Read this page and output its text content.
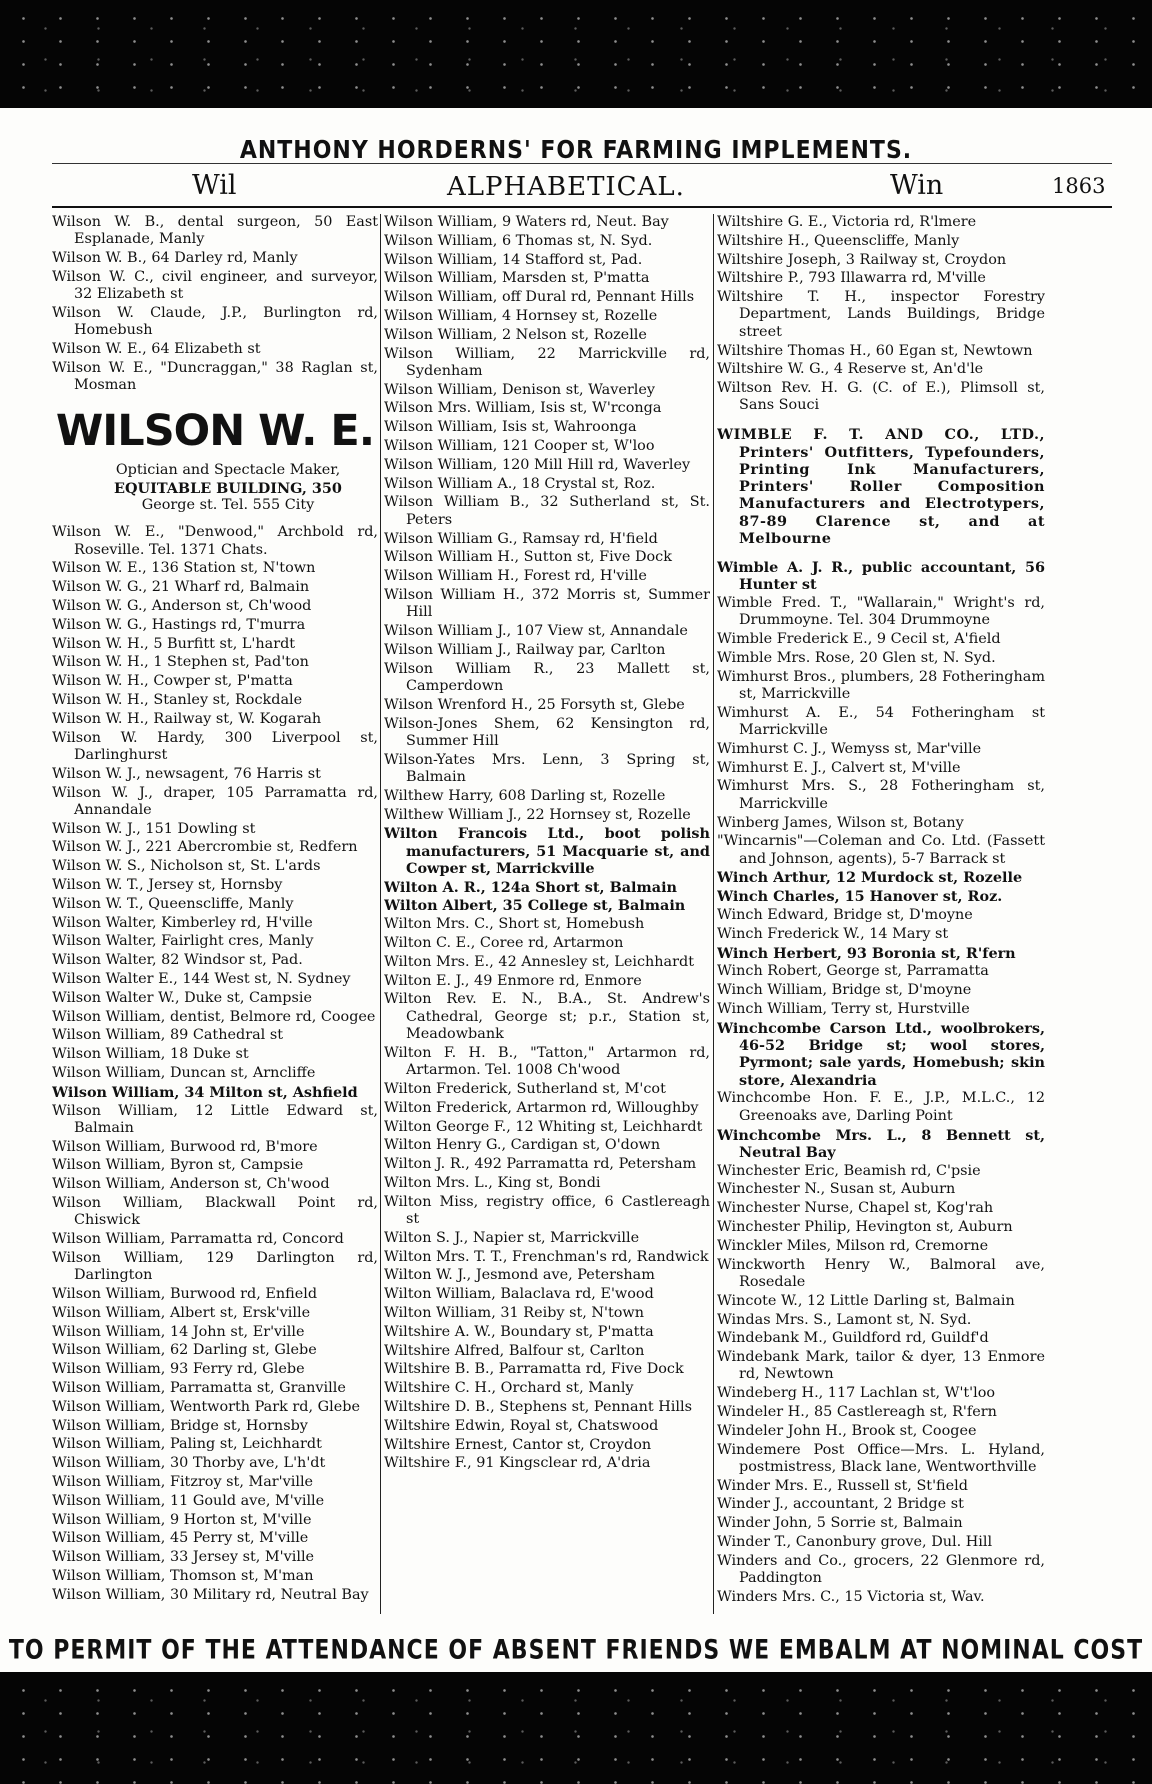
ANTHONY HORDERNS' FOR FARMING IMPLEMENTS.
Wil	ALPHABETICAL.	Win	1863

Wilson W. B., dental surgeon, 50 East Esplanade, Manly

Wilson W. B., 64 Darley rd, Manly

Wilson W. C., civil engineer, and surveyor, 32 Elizabeth st

Wilson W. Claude, J.P., Burlington rd, Homebush

Wilson W. E., 64 Elizabeth st

Wilson W. E., "Duncraggan," 38 Raglan st, Mosman

WILSON W. E.

Optician and Spectacle Maker,

EQUITABLE BUILDING, 350

George st. Tel. 555 City

Wilson W. E., "Denwood," Archbold rd, Roseville. Tel. 1371 Chats.

Wilson W. E., 136 Station st, N'town

Wilson W. G., 21 Wharf rd, Balmain

Wilson W. G., Anderson st, Ch'wood

Wilson W. G., Hastings rd, T'murra

Wilson W. H., 5 Burfitt st, L'hardt

Wilson W. H., 1 Stephen st, Pad'ton

Wilson W. H., Cowper st, P'matta

Wilson W. H., Stanley st, Rockdale

Wilson W. H., Railway st, W. Kogarah

Wilson W. Hardy, 300 Liverpool st, Darlinghurst

Wilson W. J., newsagent, 76 Harris st

Wilson W. J., draper, 105 Parramatta rd, Annandale

Wilson W. J., 151 Dowling st

Wilson W. J., 221 Abercrombie st, Redfern

Wilson W. S., Nicholson st, St. L'ards

Wilson W. T., Jersey st, Hornsby

Wilson W. T., Queenscliffe, Manly

Wilson Walter, Kimberley rd, H'ville

Wilson Walter, Fairlight cres, Manly

Wilson Walter, 82 Windsor st, Pad.

Wilson Walter E., 144 West st, N. Sydney

Wilson Walter W., Duke st, Campsie

Wilson William, dentist, Belmore rd, Coogee

Wilson William, 89 Cathedral st

Wilson William, 18 Duke st

Wilson William, Duncan st, Arncliffe

Wilson William, 34 Milton st, Ashfield

Wilson William, 12 Little Edward st, Balmain

Wilson William, Burwood rd, B'more

Wilson William, Byron st, Campsie

Wilson William, Anderson st, Ch'wood

Wilson William, Blackwall Point rd, Chiswick

Wilson William, Parramatta rd, Concord

Wilson William, 129 Darlington rd, Darlington

Wilson William, Burwood rd, Enfield

Wilson William, Albert st, Ersk'ville

Wilson William, 14 John st, Er'ville

Wilson William, 62 Darling st, Glebe

Wilson William, 93 Ferry rd, Glebe

Wilson William, Parramatta st, Granville

Wilson William, Wentworth Park rd, Glebe

Wilson William, Bridge st, Hornsby

Wilson William, Paling st, Leichhardt

Wilson William, 30 Thorby ave, L'h'dt

Wilson William, Fitzroy st, Mar'ville

Wilson William, 11 Gould ave, M'ville

Wilson William, 9 Horton st, M'ville

Wilson William, 45 Perry st, M'ville

Wilson William, 33 Jersey st, M'ville

Wilson William, Thomson st, M'man

Wilson William, 30 Military rd, Neutral Bay

Wilson William, 9 Waters rd, Neut. Bay

Wilson William, 6 Thomas st, N. Syd.

Wilson William, 14 Stafford st, Pad.

Wilson William, Marsden st, P'matta

Wilson William, off Dural rd, Pennant Hills

Wilson William, 4 Hornsey st, Rozelle

Wilson William, 2 Nelson st, Rozelle

Wilson William, 22 Marrickville rd, Sydenham

Wilson William, Denison st, Waverley

Wilson Mrs. William, Isis st, W'rconga

Wilson William, Isis st, Wahroonga

Wilson William, 121 Cooper st, W'loo

Wilson William, 120 Mill Hill rd, Waverley

Wilson William A., 18 Crystal st, Roz.

Wilson William B., 32 Sutherland st, St. Peters

Wilson William G., Ramsay rd, H'field

Wilson William H., Sutton st, Five Dock

Wilson William H., Forest rd, H'ville

Wilson William H., 372 Morris st, Summer Hill

Wilson William J., 107 View st, Annandale

Wilson William J., Railway par, Carlton

Wilson William R., 23 Mallett st, Camperdown

Wilson Wrenford H., 25 Forsyth st, Glebe

Wilson-Jones Shem, 62 Kensington rd, Summer Hill

Wilson-Yates Mrs. Lenn, 3 Spring st, Balmain

Wilthew Harry, 608 Darling st, Rozelle

Wilthew William J., 22 Hornsey st, Rozelle

Wilton Francois Ltd., boot polish manufacturers, 51 Macquarie st, and Cowper st, Marrickville

Wilton A. R., 124a Short st, Balmain

Wilton Albert, 35 College st, Balmain

Wilton Mrs. C., Short st, Homebush

Wilton C. E., Coree rd, Artarmon

Wilton Mrs. E., 42 Annesley st, Leichhardt

Wilton E. J., 49 Enmore rd, Enmore

Wilton Rev. E. N., B.A., St. Andrew's Cathedral, George st; p.r., Station st, Meadowbank

Wilton F. H. B., "Tatton," Artarmon rd, Artarmon. Tel. 1008 Ch'wood

Wilton Frederick, Sutherland st, M'cot

Wilton Frederick, Artarmon rd, Willoughby

Wilton George F., 12 Whiting st, Leichhardt

Wilton Henry G., Cardigan st, O'down

Wilton J. R., 492 Parramatta rd, Petersham

Wilton Mrs. L., King st, Bondi

Wilton Miss, registry office, 6 Castlereagh st

Wilton S. J., Napier st, Marrickville

Wilton Mrs. T. T., Frenchman's rd, Randwick

Wilton W. J., Jesmond ave, Petersham

Wilton William, Balaclava rd, E'wood

Wilton William, 31 Reiby st, N'town

Wiltshire A. W., Boundary st, P'matta

Wiltshire Alfred, Balfour st, Carlton

Wiltshire B. B., Parramatta rd, Five Dock

Wiltshire C. H., Orchard st, Manly

Wiltshire D. B., Stephens st, Pennant Hills

Wiltshire Edwin, Royal st, Chatswood

Wiltshire Ernest, Cantor st, Croydon

Wiltshire F., 91 Kingsclear rd, A'dria

Wiltshire G. E., Victoria rd, R'lmere

Wiltshire H., Queenscliffe, Manly

Wiltshire Joseph, 3 Railway st, Croydon

Wiltshire P., 793 Illawarra rd, M'ville

Wiltshire T. H., inspector Forestry Department, Lands Buildings, Bridge street

Wiltshire Thomas H., 60 Egan st, Newtown

Wiltshire W. G., 4 Reserve st, An'd'le

Wiltson Rev. H. G. (C. of E.), Plimsoll st, Sans Souci

WIMBLE F. T. AND CO., LTD., Printers' Outfitters, Typefounders, Printing Ink Manufacturers, Printers' Roller Composition Manufacturers and Electrotypers, 87-89 Clarence st, and at Melbourne

Wimble A. J. R., public accountant, 56 Hunter st

Wimble Fred. T., "Wallarain," Wright's rd, Drummoyne. Tel. 304 Drummoyne

Wimble Frederick E., 9 Cecil st, A'field

Wimble Mrs. Rose, 20 Glen st, N. Syd.

Wimhurst Bros., plumbers, 28 Fotheringham st, Marrickville

Wimhurst A. E., 54 Fotheringham st Marrickville

Wimhurst C. J., Wemyss st, Mar'ville

Wimhurst E. J., Calvert st, M'ville

Wimhurst Mrs. S., 28 Fotheringham st, Marrickville

Winberg James, Wilson st, Botany

"Wincarnis"—Coleman and Co. Ltd. (Fassett and Johnson, agents), 5-7 Barrack st

Winch Arthur, 12 Murdock st, Rozelle

Winch Charles, 15 Hanover st, Roz.

Winch Edward, Bridge st, D'moyne

Winch Frederick W., 14 Mary st

Winch Herbert, 93 Boronia st, R'fern

Winch Robert, George st, Parramatta

Winch William, Bridge st, D'moyne

Winch William, Terry st, Hurstville

Winchcombe Carson Ltd., woolbrokers, 46-52 Bridge st; wool stores, Pyrmont; sale yards, Homebush; skin store, Alexandria

Winchcombe Hon. F. E., J.P., M.L.C., 12 Greenoaks ave, Darling Point

Winchcombe Mrs. L., 8 Bennett st, Neutral Bay

Winchester Eric, Beamish rd, C'psie

Winchester N., Susan st, Auburn

Winchester Nurse, Chapel st, Kog'rah

Winchester Philip, Hevington st, Auburn

Winckler Miles, Milson rd, Cremorne

Winckworth Henry W., Balmoral ave, Rosedale

Wincote W., 12 Little Darling st, Balmain

Windas Mrs. S., Lamont st, N. Syd.

Windebank M., Guildford rd, Guildf'd

Windebank Mark, tailor & dyer, 13 Enmore rd, Newtown

Windeberg H., 117 Lachlan st, W't'loo

Windeler H., 85 Castlereagh st, R'fern

Windeler John H., Brook st, Coogee

Windemere Post Office—Mrs. L. Hyland, postmistress, Black lane, Wentworthville

Winder Mrs. E., Russell st, St'field

Winder J., accountant, 2 Bridge st

Winder John, 5 Sorrie st, Balmain

Winder T., Canonbury grove, Dul. Hill

Winders and Co., grocers, 22 Glenmore rd, Paddington

Winders Mrs. C., 15 Victoria st, Wav.

TO PERMIT OF THE ATTENDANCE OF ABSENT FRIENDS WE EMBALM AT NOMINAL COST
